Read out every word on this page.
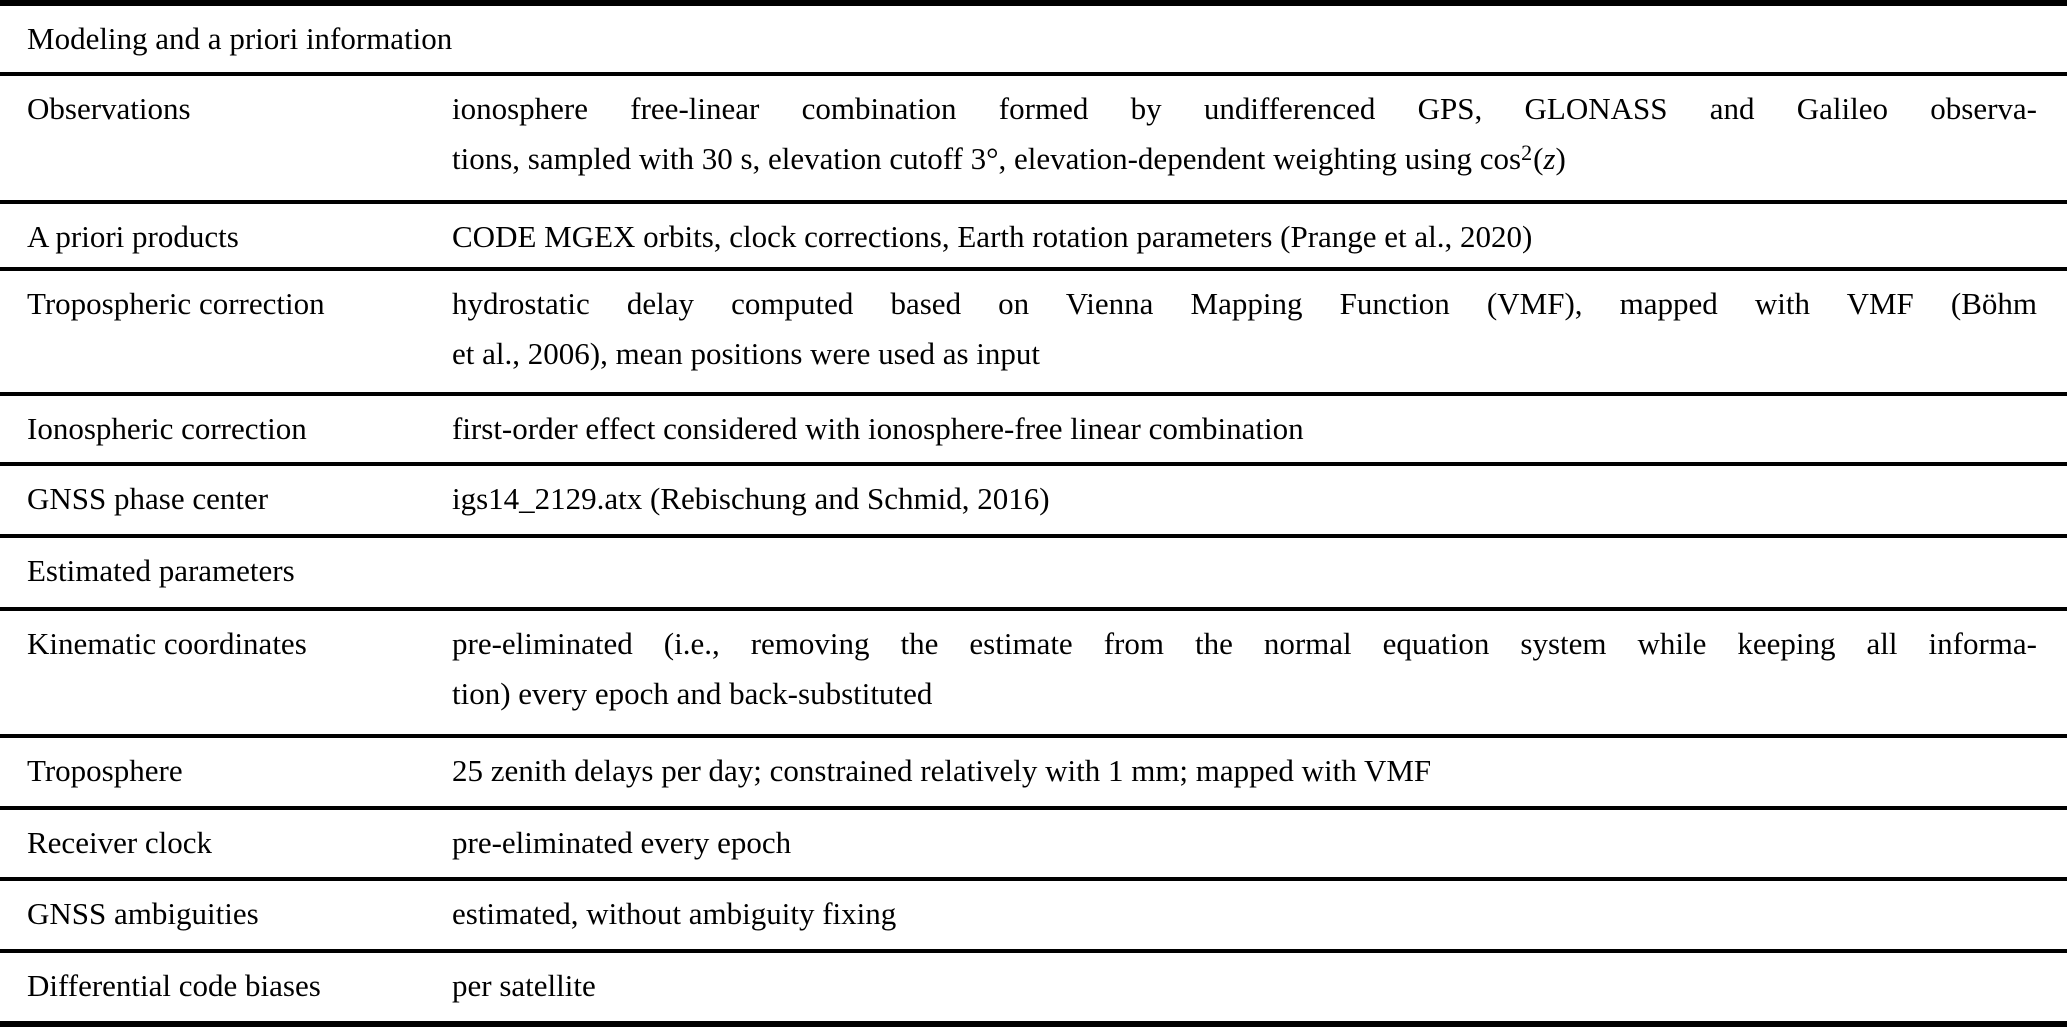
Modeling and a priori information
Observations	ionosphere free-linear combination formed by undifferenced GPS, GLONASS and Galileo observa-
tions, sampled with 30 s, elevation cutoff 3°, elevation-dependent weighting using $\cos^2(z)$
A priori products	CODE MGEX orbits, clock corrections, Earth rotation parameters (Prange et al., 2020)
Tropospheric correction	hydrostatic delay computed based on Vienna Mapping Function (VMF), mapped with VMF (Böhm
et al., 2006), mean positions were used as input
Ionospheric correction	first-order effect considered with ionosphere-free linear combination
GNSS phase center	igs14_2129.atx (Rebischung and Schmid, 2016)
Estimated parameters
Kinematic coordinates	pre-eliminated (i.e., removing the estimate from the normal equation system while keeping all informa-
tion) every epoch and back-substituted
Troposphere	25 zenith delays per day; constrained relatively with 1 mm; mapped with VMF
Receiver clock	pre-eliminated every epoch
GNSS ambiguities	estimated, without ambiguity fixing
Differential code biases	per satellite
